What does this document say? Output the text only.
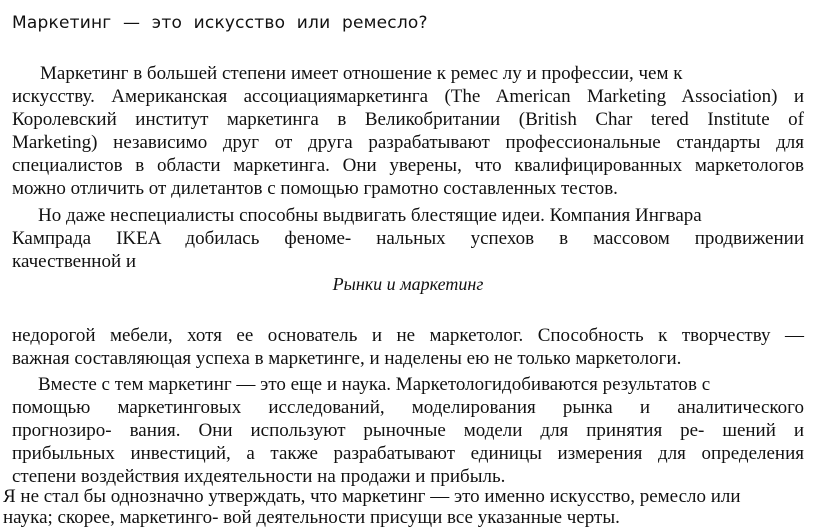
Маркетинг — это искусство или ремесло?
Маркетинг в большей степени имеет отношение к ремес лу и профессии, чем к
искусству. Американская ассоциациямаркетинга (The American Marketing Association) и
Королевский институт маркетинга в Великобритании (British Char tered Institute of
Marketing) независимо друг от друга разрабатывают профессиональные стандарты для
специалистов в области маркетинга. Они уверены, что квалифицированных маркетологов
можно отличить от дилетантов с помощью грамотно составленных тестов.
Но даже неспециалисты способны выдвигать блестящие идеи. Компания Ингвара
Кампрада IKEA добилась феноме- нальных успехов в массовом продвижении
качественной и
Рынки и маркетинг
недорогой мебели, хотя ее основатель и не маркетолог. Способность к творчеству —
важная составляющая успеха в маркетинге, и наделены ею не только маркетологи.
Вместе с тем маркетинг — это еще и наука. Маркетологидобиваются результатов с
помощью маркетинговых исследований, моделирования рынка и аналитического
прогнозиро- вания. Они используют рыночные модели для принятия ре- шений и
прибыльных инвестиций, а также разрабатывают единицы измерения для определения
степени воздействия ихдеятельности на продажи и прибыль.
Я не стал бы однозначно утверждать, что маркетинг — это именно искусство, ремесло или
наука; скорее, маркетинго- вой деятельности присущи все указанные черты.
